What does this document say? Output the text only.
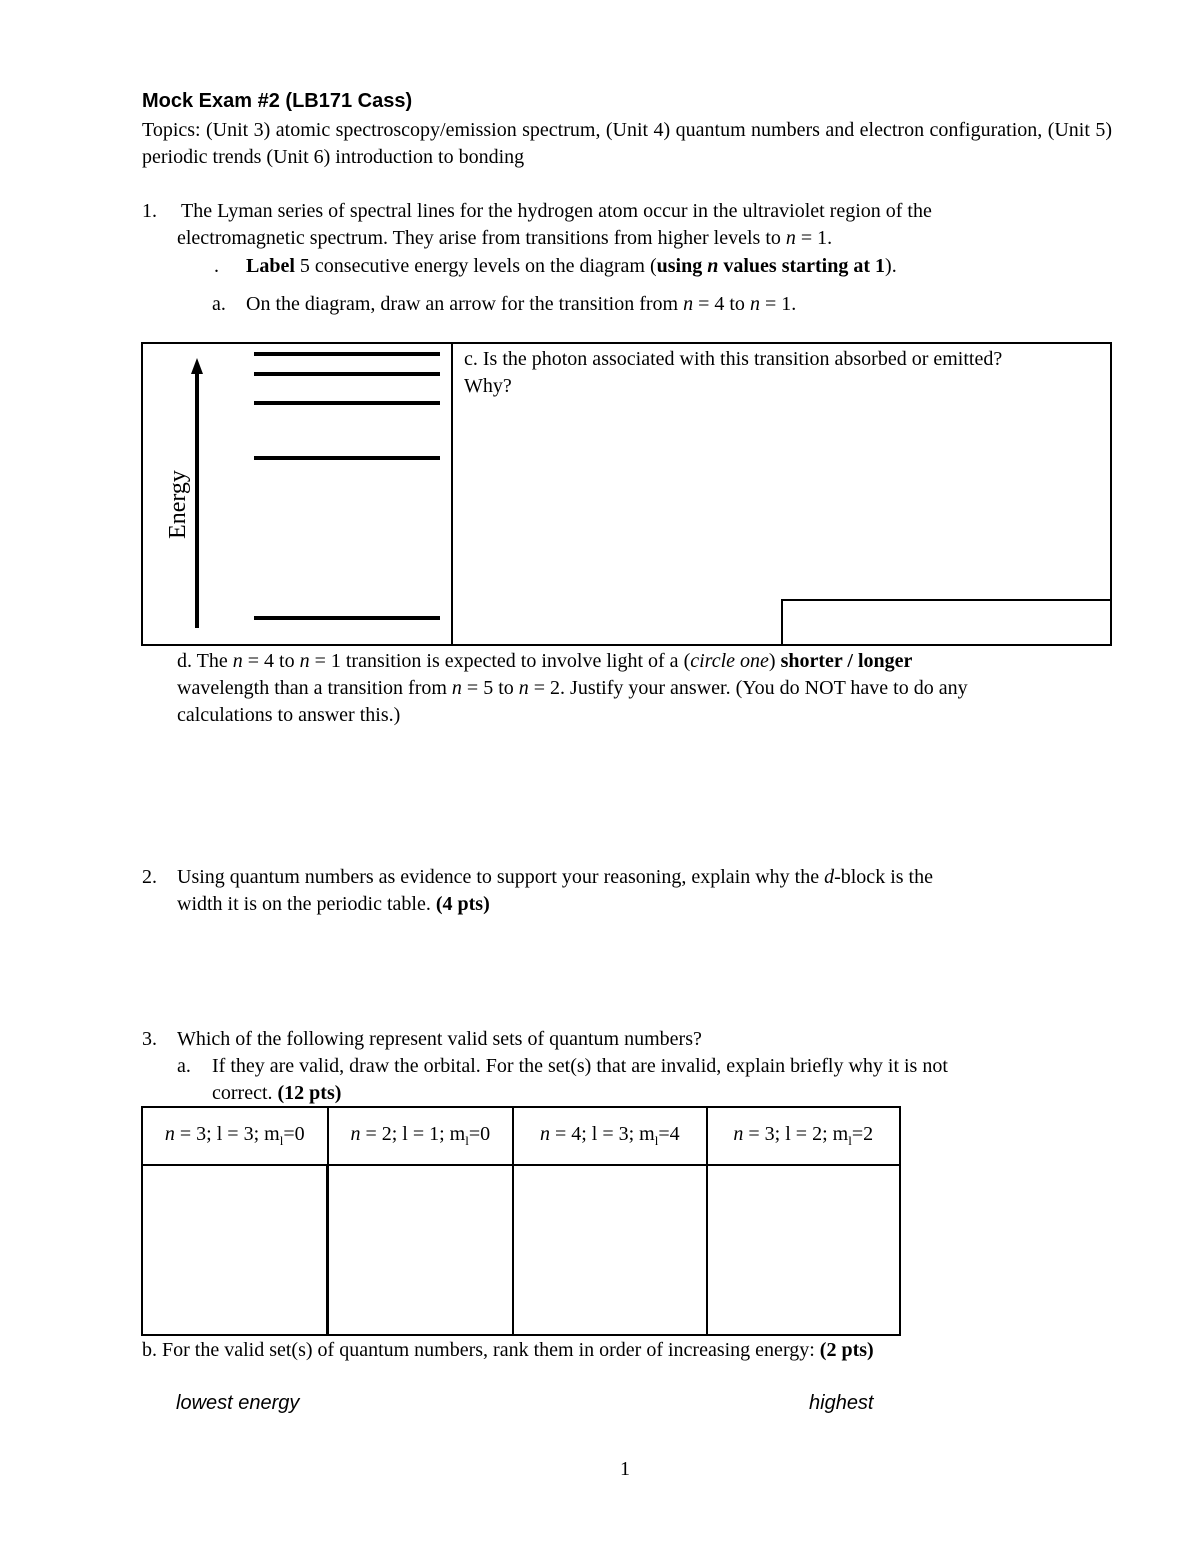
Mock Exam #2 (LB171 Cass)
Topics: (Unit 3) atomic spectroscopy/emission spectrum, (Unit 4) quantum numbers and electron configuration, (Unit 5) periodic trends (Unit 6) introduction to bonding
1. The Lyman series of spectral lines for the hydrogen atom occur in the ultraviolet region of the
electromagnetic spectrum. They arise from transitions from higher levels to n = 1.
. Label 5 consecutive energy levels on the diagram (using n values starting at 1).
a. On the diagram, draw an arrow for the transition from n = 4 to n = 1.
Energy
c. Is the photon associated with this transition absorbed or emitted?
Why?
d. The n = 4 to n = 1 transition is expected to involve light of a (circle one) shorter / longer
wavelength than a transition from n = 5 to n = 2. Justify your answer. (You do NOT have to do any
calculations to answer this.)
2. Using quantum numbers as evidence to support your reasoning, explain why the d-block is the
width it is on the periodic table. (4 pts)
3. Which of the following represent valid sets of quantum numbers?
a. If they are valid, draw the orbital. For the set(s) that are invalid, explain briefly why it is not
correct. (12 pts)
n = 3; l = 3; $m_l=0$	n = 2; l = 1; $m_l=0$	n = 4; l = 3; $m_l=4$	n = 3; l = 2; $m_l=2$

b. For the valid set(s) of quantum numbers, rank them in order of increasing energy: (2 pts)
lowest energy	highest
1
